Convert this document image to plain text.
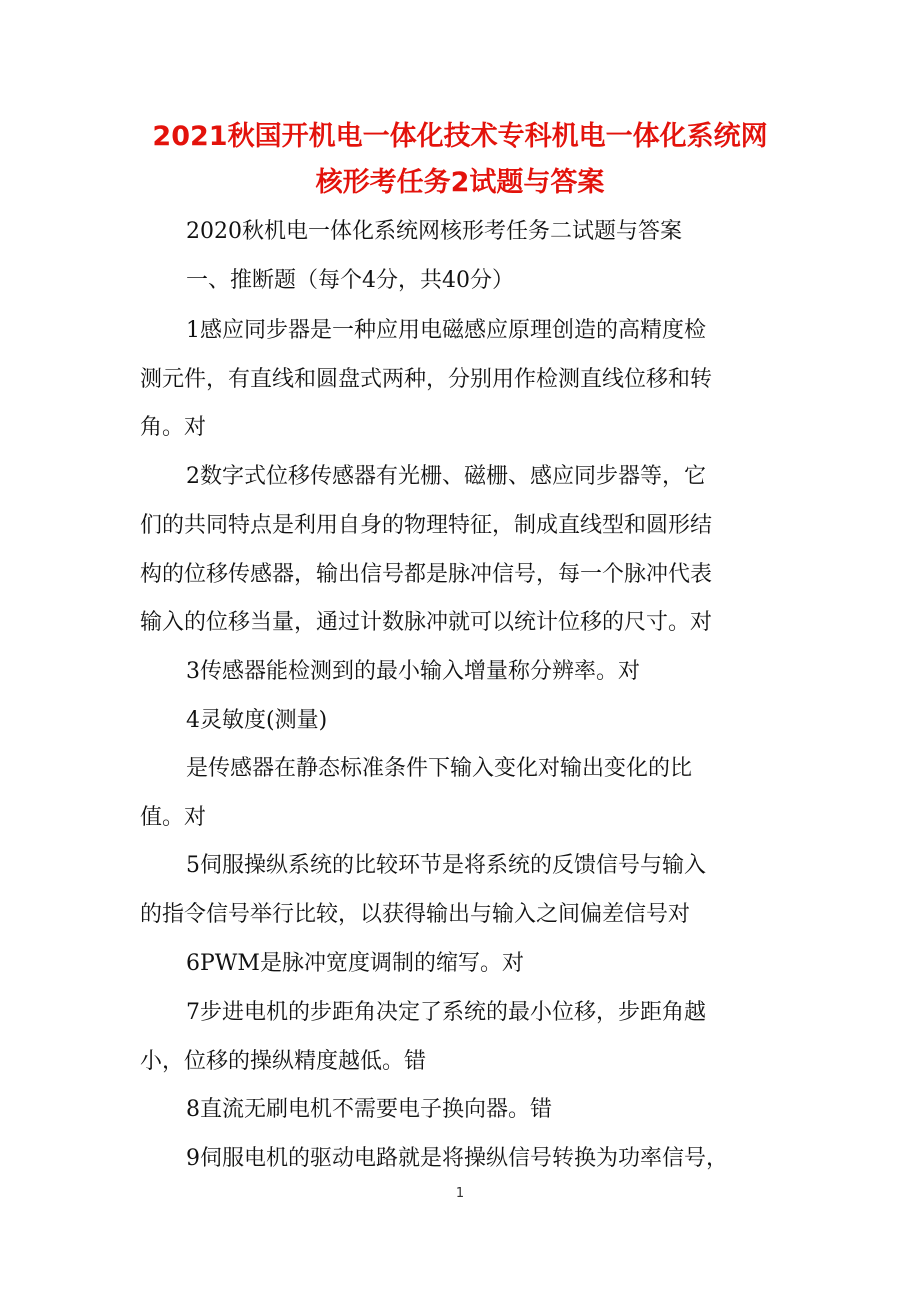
2021秋国开机电一体化技术专科机电一体化系统网
核形考任务2试题与答案
2020秋机电一体化系统网核形考任务二试题与答案
一、推断题（每个4分，共40分）
1感应同步器是一种应用电磁感应原理创造的高精度检
测元件，有直线和圆盘式两种，分别用作检测直线位移和转
角。对
2数字式位移传感器有光栅、磁栅、感应同步器等，它
们的共同特点是利用自身的物理特征，制成直线型和圆形结
构的位移传感器，输出信号都是脉冲信号，每一个脉冲代表
输入的位移当量，通过计数脉冲就可以统计位移的尺寸。对
3传感器能检测到的最小输入增量称分辨率。对
4灵敏度(测量)
是传感器在静态标准条件下输入变化对输出变化的比
值。对
5伺服操纵系统的比较环节是将系统的反馈信号与输入
的指令信号举行比较，以获得输出与输入之间偏差信号对
6PWM是脉冲宽度调制的缩写。对
7步进电机的步距角决定了系统的最小位移，步距角越
小，位移的操纵精度越低。错
8直流无刷电机不需要电子换向器。错
9伺服电机的驱动电路就是将操纵信号转换为功率信号，
1
